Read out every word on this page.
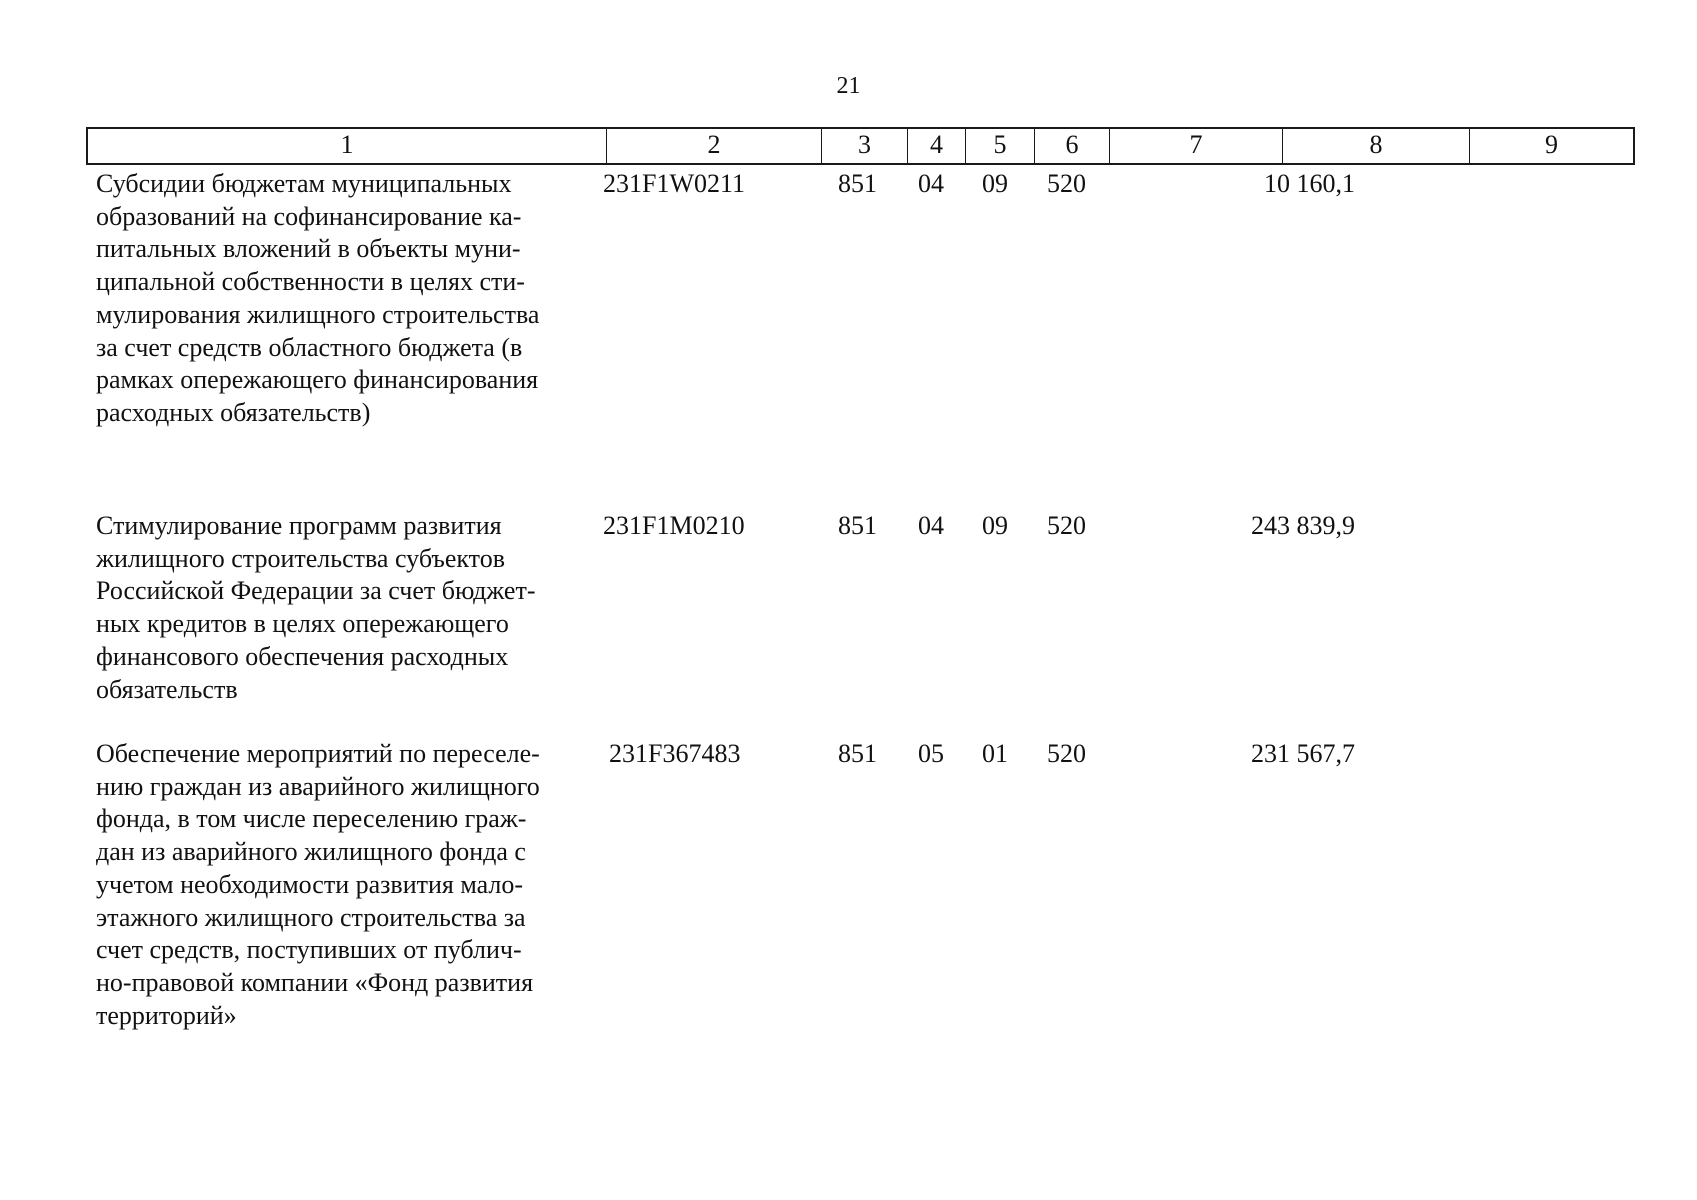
21
1	2	3	4	5	6	7	8	9
Субсидии бюджетам муниципальных
образований на софинансирование ка-
питальных вложений в объекты муни-
ципальной собственности в целях сти-
мулирования жилищного строительства
за счет средств областного бюджета (в
рамках опережающего финансирования
расходных обязательств)
231F1W0211	851	04	09	520	10 160,1
Стимулирование программ развития
жилищного строительства субъектов
Российской Федерации за счет бюджет-
ных кредитов в целях опережающего
финансового обеспечения расходных
обязательств
231F1M0210	851	04	09	520	243 839,9
Обеспечение мероприятий по переселе-
нию граждан из аварийного жилищного
фонда, в том числе переселению граж-
дан из аварийного жилищного фонда с
учетом необходимости развития мало-
этажного жилищного строительства за
счет средств, поступивших от публич-
но-правовой компании «Фонд развития
территорий»
231F367483	851	05	01	520	231 567,7
